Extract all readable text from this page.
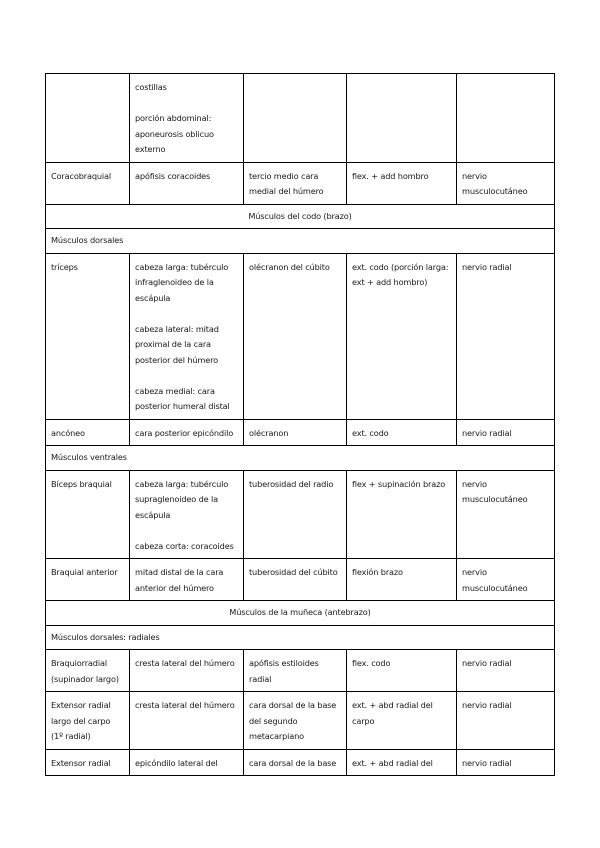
	costillas

porción abdominal: aponeurosis oblicuo externo			

Coracobraquial	apófisis coracoides	tercio medio cara medial del húmero	flex. + add hombro	nervio musculocutáneo

Músculos del codo (brazo)				
Músculos dorsales				

tríceps	cabeza larga: tubérculo infraglenoideo de la escápula

cabeza lateral: mitad proximal de la cara posterior del húmero

cabeza medial: cara posterior humeral distal	olécranon del cúbito	ext. codo (porción larga: ext + add hombro)	nervio radial

ancóneo	cara posterior epicóndilo	olécranon	ext. codo	nervio radial

Músculos ventrales				

Bíceps braquial	cabeza larga: tubérculo supraglenoideo de la escápula

cabeza corta: coracoides	tuberosidad del radio	flex + supinación brazo	nervio musculocutáneo

Braquial anterior	mitad distal de la cara anterior del húmero	tuberosidad del cúbito	flexión brazo	nervio musculocutáneo

Músculos de la muñeca (antebrazo)				
Músculos dorsales: radiales				

Braquiorradial (supinador largo)	cresta lateral del húmero	apófisis estiloides radial	flex. codo	nervio radial

Extensor radial largo del carpo (1º radial)	cresta lateral del húmero	cara dorsal de la base del segundo metacarpiano	ext. + abd radial del carpo	nervio radial

Extensor radial	epicóndilo lateral del	cara dorsal de la base	ext. + abd radial del	nervio radial
